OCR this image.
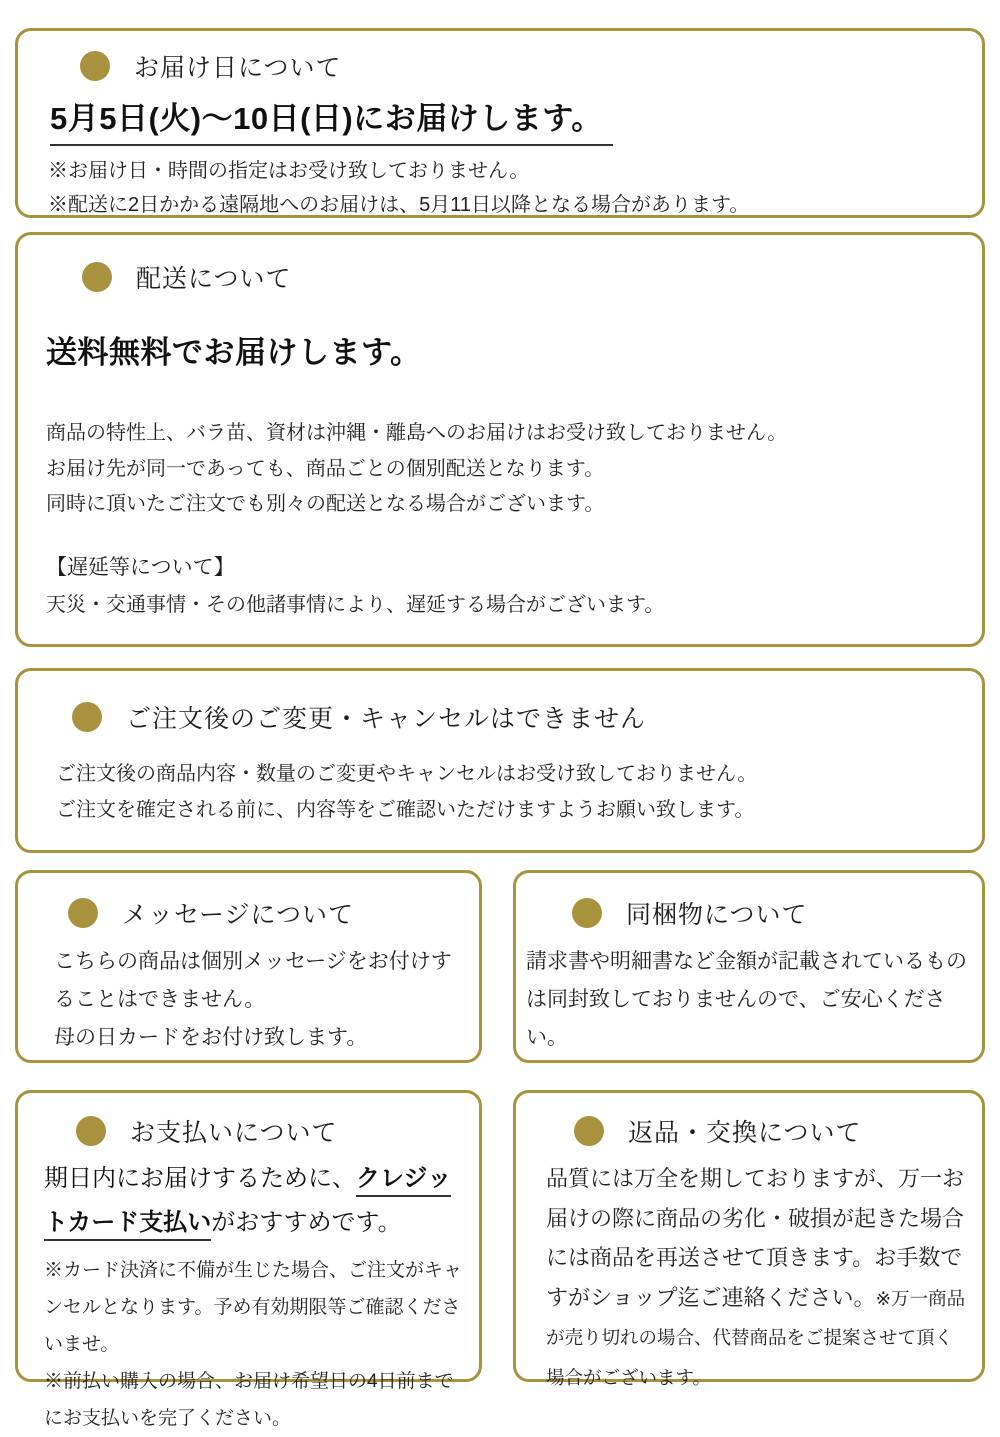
お届け日について
5月5日(火)～10日(日)にお届けします。

※お届け日・時間の指定はお受け致しておりません。

※配送に2日かかる遠隔地へのお届けは、5月11日以降となる場合があります。

配送について
送料無料でお届けします。

商品の特性上、バラ苗、資材は沖縄・離島へのお届けはお受け致しておりません。

お届け先が同一であっても、商品ごとの個別配送となります。

同時に頂いたご注文でも別々の配送となる場合がございます。

【遅延等について】

天災・交通事情・その他諸事情により、遅延する場合がございます。

ご注文後のご変更・キャンセルはできません

ご注文後の商品内容・数量のご変更やキャンセルはお受け致しておりません。

ご注文を確定される前に、内容等をご確認いただけますようお願い致します。

メッセージについて

こちらの商品は個別メッセージをお付けすることはできません。

母の日カードをお付け致します。

同梱物について

請求書や明細書など金額が記載されているものは同封致しておりませんので、ご安心ください。

お支払いについて

期日内にお届けするために、クレジットカード支払いがおすすめです。

※カード決済に不備が生じた場合、ご注文がキャンセルとなります。予め有効期限等ご確認くださいませ。

※前払い購入の場合、お届け希望日の4日前までにお支払いを完了ください。

返品・交換について

品質には万全を期しておりますが、万一お届けの際に商品の劣化・破損が起きた場合には商品を再送させて頂きます。お手数ですがショップ迄ご連絡ください。※万一商品が売り切れの場合、代替商品をご提案させて頂く場合がございます。
